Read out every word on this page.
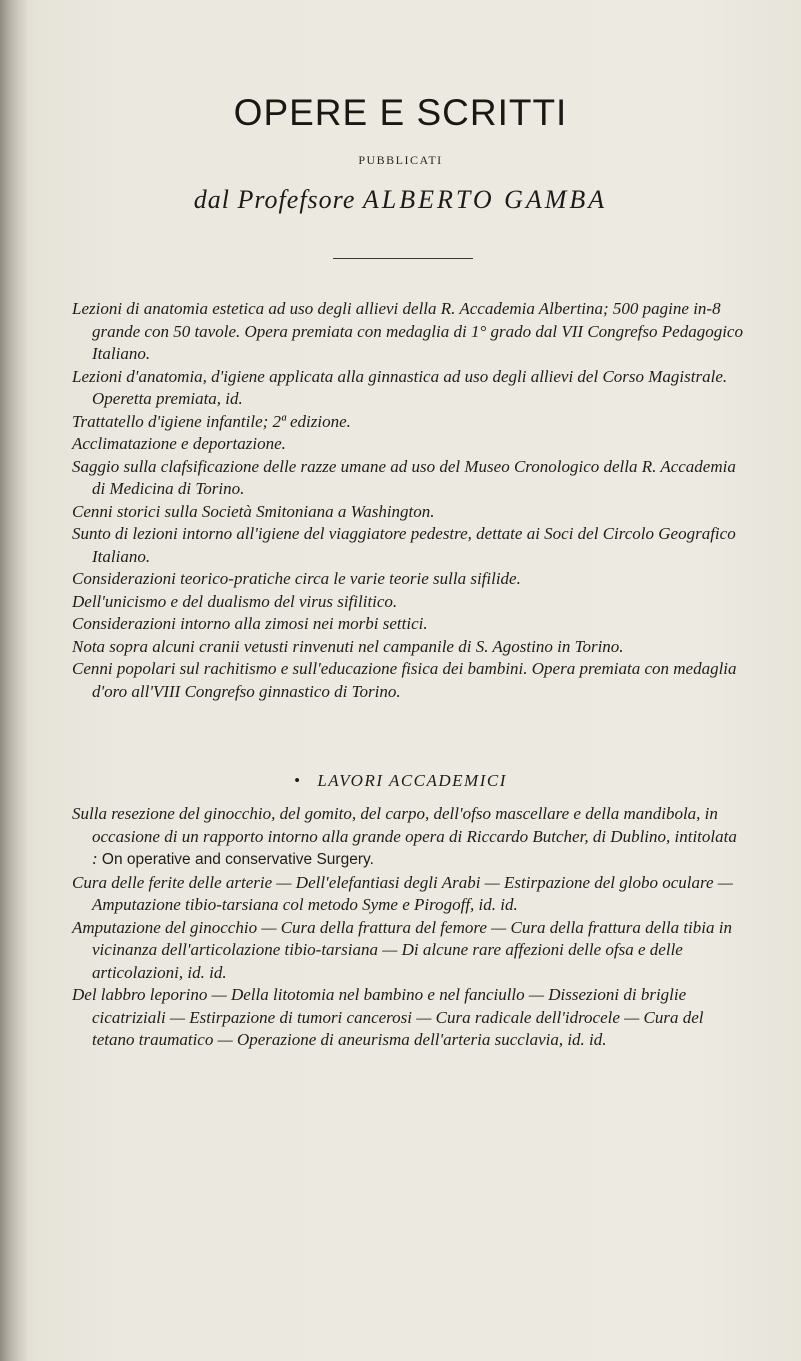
OPERE E SCRITTI
PUBBLICATI
dal Profefsore ALBERTO GAMBA

Lezioni di anatomia estetica ad uso degli allievi della R. Accademia Albertina; 500 pagine in-8 grande con 50 tavole. Opera premiata con medaglia di 1° grado dal VII Congrefso Pedagogico Italiano.

Lezioni d'anatomia, d'igiene applicata alla ginnastica ad uso degli allievi del Corso Magistrale. Operetta premiata, id.

Trattatello d'igiene infantile; 2ª edizione.

Acclimatazione e deportazione.

Saggio sulla clafsificazione delle razze umane ad uso del Museo Cronologico della R. Accademia di Medicina di Torino.

Cenni storici sulla Società Smitoniana a Washington.

Sunto di lezioni intorno all'igiene del viaggiatore pedestre, dettate ai Soci del Circolo Geografico Italiano.

Considerazioni teorico-pratiche circa le varie teorie sulla sifilide.

Dell'unicismo e del dualismo del virus sifilitico.

Considerazioni intorno alla zimosi nei morbi settici.

Nota sopra alcuni cranii vetusti rinvenuti nel campanile di S. Agostino in Torino.

Cenni popolari sul rachitismo e sull'educazione fisica dei bambini. Opera premiata con medaglia d'oro all'VIII Congrefso ginnastico di Torino.

• LAVORI ACCADEMICI

Sulla resezione del ginocchio, del gomito, del carpo, dell'ofso mascellare e della mandibola, in occasione di un rapporto intorno alla grande opera di Riccardo Butcher, di Dublino, intitolata : On operative and conservative Surgery.

Cura delle ferite delle arterie — Dell'elefantiasi degli Arabi — Estirpazione del globo oculare — Amputazione tibio-tarsiana col metodo Syme e Pirogoff, id. id.

Amputazione del ginocchio — Cura della frattura del femore — Cura della frattura della tibia in vicinanza dell'articolazione tibio-tarsiana — Di alcune rare affezioni delle ofsa e delle articolazioni, id. id.

Del labbro leporino — Della litotomia nel bambino e nel fanciullo — Dissezioni di briglie cicatriziali — Estirpazione di tumori cancerosi — Cura radicale dell'idrocele — Cura del tetano traumatico — Operazione di aneurisma dell'arteria succlavia, id. id.
